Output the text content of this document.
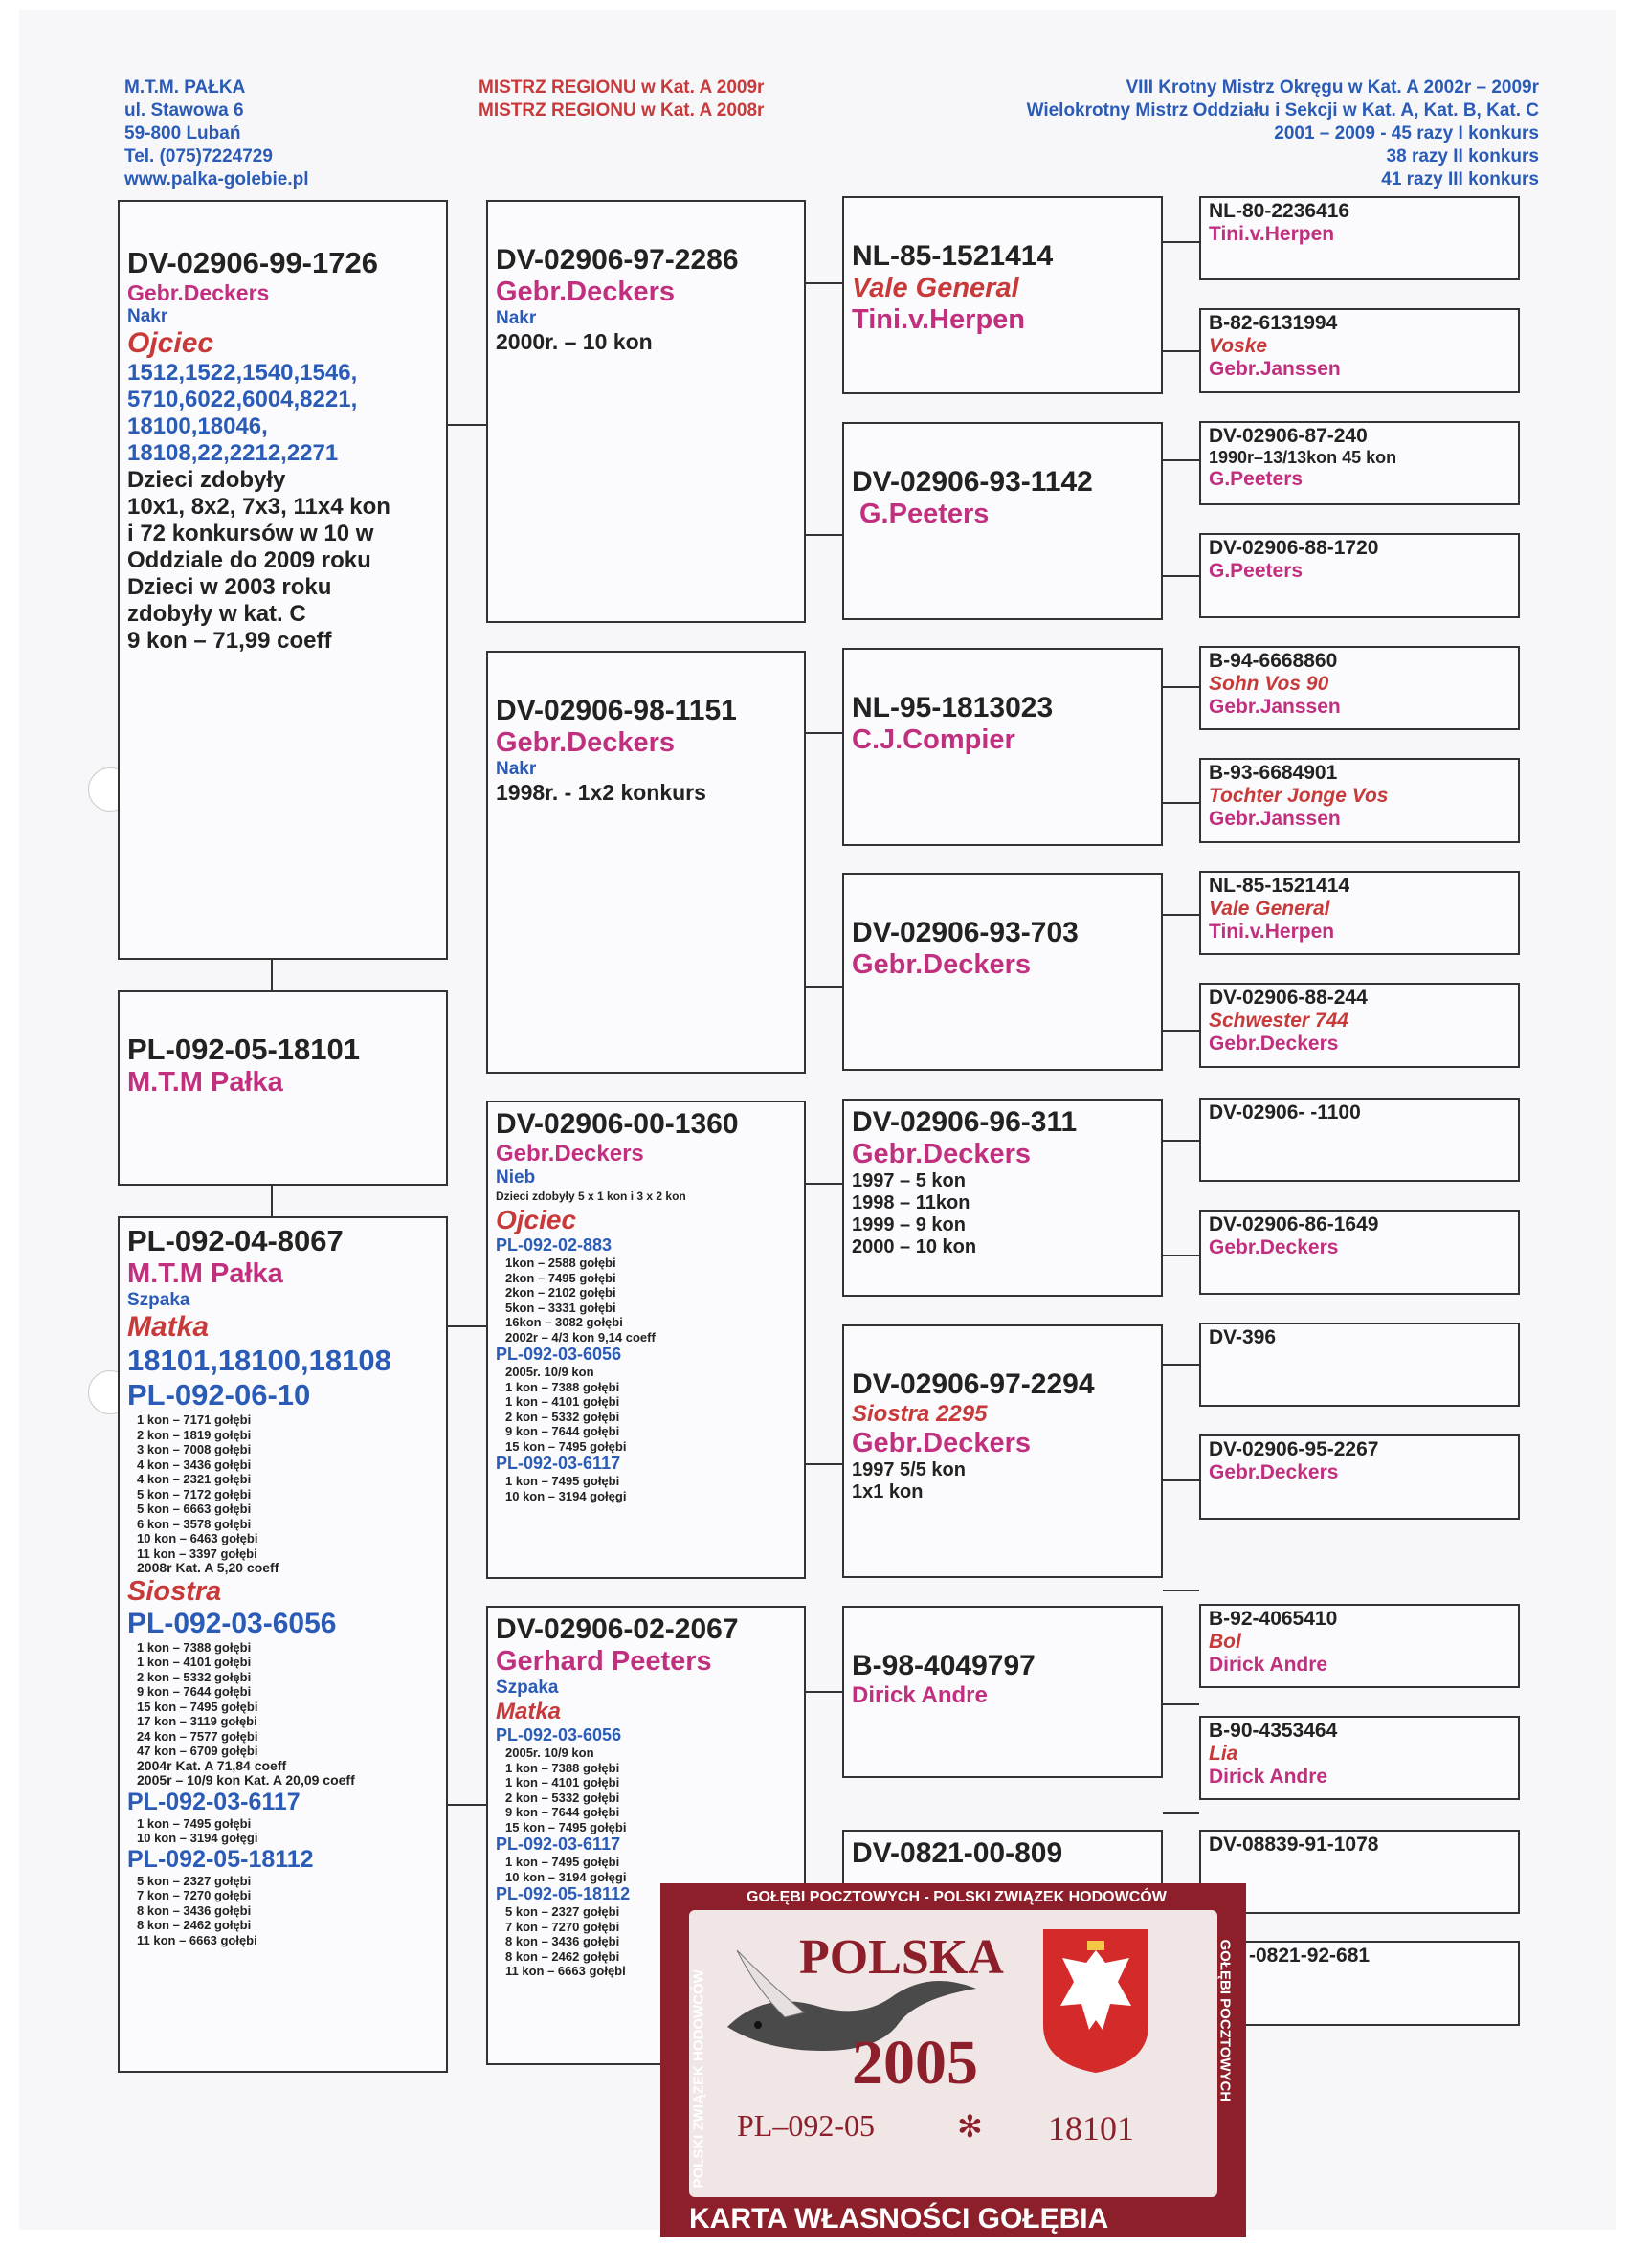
M.T.M. PAŁKA
ul. Stawowa 6
59-800 Lubań
Tel. (075)7224729
www.palka-golebie.pl
MISTRZ REGIONU w Kat. A 2009r
MISTRZ REGIONU w Kat. A 2008r
VIII Krotny Mistrz Okręgu w Kat. A 2002r – 2009r
Wielokrotny Mistrz Oddziału i Sekcji w Kat. A, Kat. B, Kat. C
2001 – 2009 - 45 razy I konkurs
38 razy II konkurs
41 razy III konkurs
DV-02906-99-1726
Gebr.Deckers
Nakr
Ojciec
1512,1522,1540,1546,
5710,6022,6004,8221,
18100,18046,
18108,22,2212,2271
Dzieci zdobyły
10x1, 8x2, 7x3, 11x4 kon
i 72 konkursów w 10 w
Oddziale do 2009 roku
Dzieci w 2003 roku
zdobyły w kat. C
9 kon – 71,99 coeff
PL-092-05-18101
M.T.M Pałka
PL-092-04-8067
M.T.M Pałka
Szpaka
Matka
18101,18100,18108
PL-092-06-10
1 kon – 7171 gołębi
2 kon – 1819 gołębi
3 kon – 7008 gołębi
4 kon – 3436 gołębi
4 kon – 2321 gołębi
5 kon – 7172 gołębi
5 kon – 6663 gołębi
6 kon – 3578 gołębi
10 kon – 6463 gołębi
11 kon – 3397 gołębi
2008r Kat. A 5,20 coeff
Siostra
PL-092-03-6056
1 kon – 7388 gołębi
1 kon – 4101 gołębi
2 kon – 5332 gołębi
9 kon – 7644 gołębi
15 kon – 7495 gołębi
17 kon – 3119 gołębi
24 kon – 7577 gołębi
47 kon – 6709 gołębi
2004r Kat. A 71,84 coeff
2005r – 10/9 kon Kat. A 20,09 coeff
PL-092-03-6117
1 kon – 7495 gołębi
10 kon – 3194 gołęgi
PL-092-05-18112
5 kon – 2327 gołębi
7 kon – 7270 gołębi
8 kon – 3436 gołębi
8 kon – 2462 gołębi
11 kon – 6663 gołębi
DV-02906-97-2286
Gebr.Deckers
Nakr
2000r. – 10 kon
DV-02906-98-1151
Gebr.Deckers
Nakr
1998r. - 1x2 konkurs
DV-02906-00-1360
Gebr.Deckers
Nieb
Dzieci zdobyły 5 x 1 kon i 3 x 2 kon
Ojciec
PL-092-02-883
1kon – 2588 gołębi
2kon – 7495 gołębi
2kon – 2102 gołębi
5kon – 3331 gołębi
16kon – 3082 gołębi
2002r – 4/3 kon 9,14 coeff
PL-092-03-6056
2005r. 10/9 kon
1 kon – 7388 gołębi
1 kon – 4101 gołębi
2 kon – 5332 gołębi
9 kon – 7644 gołębi
15 kon – 7495 gołębi
PL-092-03-6117
1 kon – 7495 gołębi
10 kon – 3194 gołęgi
DV-02906-02-2067
Gerhard Peeters
Szpaka
Matka
PL-092-03-6056
2005r. 10/9 kon
1 kon – 7388 gołębi
1 kon – 4101 gołębi
2 kon – 5332 gołębi
9 kon – 7644 gołębi
15 kon – 7495 gołębi
PL-092-03-6117
1 kon – 7495 gołębi
10 kon – 3194 gołęgi
PL-092-05-18112
5 kon – 2327 gołębi
7 kon – 7270 gołębi
8 kon – 3436 gołębi
8 kon – 2462 gołębi
11 kon – 6663 gołębi
NL-85-1521414
Vale General
Tini.v.Herpen
DV-02906-93-1142
G.Peeters
NL-95-1813023
C.J.Compier
DV-02906-93-703
Gebr.Deckers
DV-02906-96-311
Gebr.Deckers
1997 – 5 kon
1998 – 11kon
1999 – 9 kon
2000 – 10 kon
DV-02906-97-2294
Siostra 2295
Gebr.Deckers
1997 5/5 kon
1x1 kon
B-98-4049797
Dirick Andre
DV-0821-00-809
NL-80-2236416
Tini.v.Herpen
B-82-6131994
Voske
Gebr.Janssen
DV-02906-87-240
1990r–13/13kon 45 kon
G.Peeters
DV-02906-88-1720
G.Peeters
B-94-6668860
Sohn Vos 90
Gebr.Janssen
B-93-6684901
Tochter Jonge Vos
Gebr.Janssen
NL-85-1521414
Vale General
Tini.v.Herpen
DV-02906-88-244
Schwester 744
Gebr.Deckers
DV-02906- -1100
DV-02906-86-1649
Gebr.Deckers
DV-396
DV-02906-95-2267
Gebr.Deckers
B-92-4065410
Bol
Dirick Andre
B-90-4353464
Lia
Dirick Andre
DV-08839-91-1078
-0821-92-681
GOŁĘBI POCZTOWYCH - POLSKI ZWIĄZEK HODOWCÓW
POLSKI ZWIĄZEK HODOWCÓW	GOŁĘBI POCZTOWYCH
POLSKA
2005
PL–092-05	✻ 18101
KARTA WŁASNOŚCI GOŁĘBIA POCZTOWEGO
